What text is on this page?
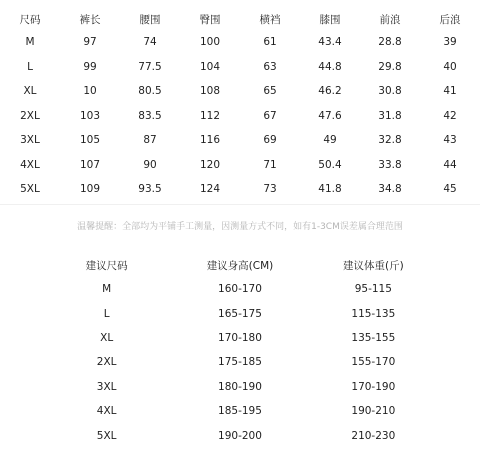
尺码	裤长	腰围	臀围	横裆	膝围	前浪	后浪
M	97	74	100	61	43.4	28.8	39
L	99	77.5	104	63	44.8	29.8	40
XL	10	80.5	108	65	46.2	30.8	41
2XL	103	83.5	112	67	47.6	31.8	42
3XL	105	87	116	69	49	32.8	43
4XL	107	90	120	71	50.4	33.8	44
5XL	109	93.5	124	73	41.8	34.8	45
温馨提醒：全部均为平铺手工测量，因测量方式不同，如有1-3CM误差属合理范围
建议尺码	建议身高(CM)	建议体重(斤)
M	160-170	95-115
L	165-175	115-135
XL	170-180	135-155
2XL	175-185	155-170
3XL	180-190	170-190
4XL	185-195	190-210
5XL	190-200	210-230
